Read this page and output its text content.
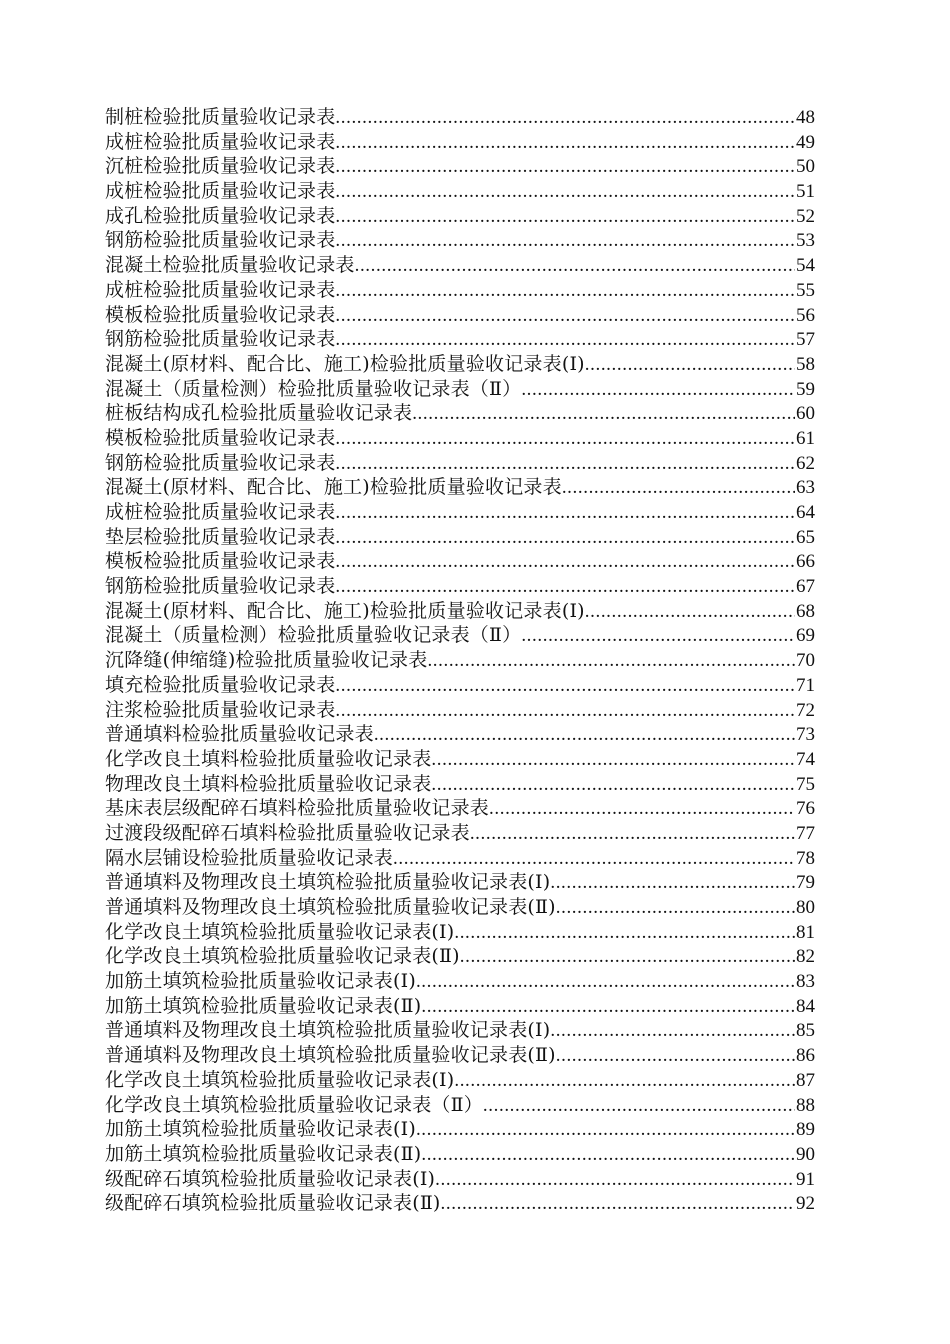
制桩检验批质量验收记录表 .....	48
成桩检验批质量验收记录表 .....	49
沉桩检验批质量验收记录表 .....	50
成桩检验批质量验收记录表 .....	51
成孔检验批质量验收记录表 .....	52
钢筋检验批质量验收记录表 .....	53
混凝土检验批质量验收记录表 .....	54
成桩检验批质量验收记录表 .....	55
模板检验批质量验收记录表 .....	56
钢筋检验批质量验收记录表 .....	57
混凝土(原材料、配合比、施工)检验批质量验收记录表(Ⅰ) .....	58
混凝土（质量检测）检验批质量验收记录表（Ⅱ） .....	59
桩板结构成孔检验批质量验收记录表 .....	60
模板检验批质量验收记录表 .....	61
钢筋检验批质量验收记录表 .....	62
混凝土(原材料、配合比、施工)检验批质量验收记录表 .....	63
成桩检验批质量验收记录表 .....	64
垫层检验批质量验收记录表 .....	65
模板检验批质量验收记录表 .....	66
钢筋检验批质量验收记录表 .....	67
混凝土(原材料、配合比、施工)检验批质量验收记录表(Ⅰ) .....	68
混凝土（质量检测）检验批质量验收记录表（Ⅱ） .....	69
沉降缝(伸缩缝)检验批质量验收记录表 .....	70
填充检验批质量验收记录表 .....	71
注浆检验批质量验收记录表 .....	72
普通填料检验批质量验收记录表 .....	73
化学改良土填料检验批质量验收记录表 .....	74
物理改良土填料检验批质量验收记录表 .....	75
基床表层级配碎石填料检验批质量验收记录表 .....	76
过渡段级配碎石填料检验批质量验收记录表 .....	77
隔水层铺设检验批质量验收记录表 .....	78
普通填料及物理改良土填筑检验批质量验收记录表(Ⅰ) .....	79
普通填料及物理改良土填筑检验批质量验收记录表(Ⅱ) .....	80
化学改良土填筑检验批质量验收记录表(Ⅰ) .....	81
化学改良土填筑检验批质量验收记录表(Ⅱ) .....	82
加筋土填筑检验批质量验收记录表(Ⅰ) .....	83
加筋土填筑检验批质量验收记录表(Ⅱ) .....	84
普通填料及物理改良土填筑检验批质量验收记录表(Ⅰ) .....	85
普通填料及物理改良土填筑检验批质量验收记录表(Ⅱ) .....	86
化学改良土填筑检验批质量验收记录表(Ⅰ) .....	87
化学改良土填筑检验批质量验收记录表（Ⅱ） .....	88
加筋土填筑检验批质量验收记录表(Ⅰ) .....	89
加筋土填筑检验批质量验收记录表(Ⅱ) .....	90
级配碎石填筑检验批质量验收记录表(Ⅰ) .....	91
级配碎石填筑检验批质量验收记录表(Ⅱ) .....	92
